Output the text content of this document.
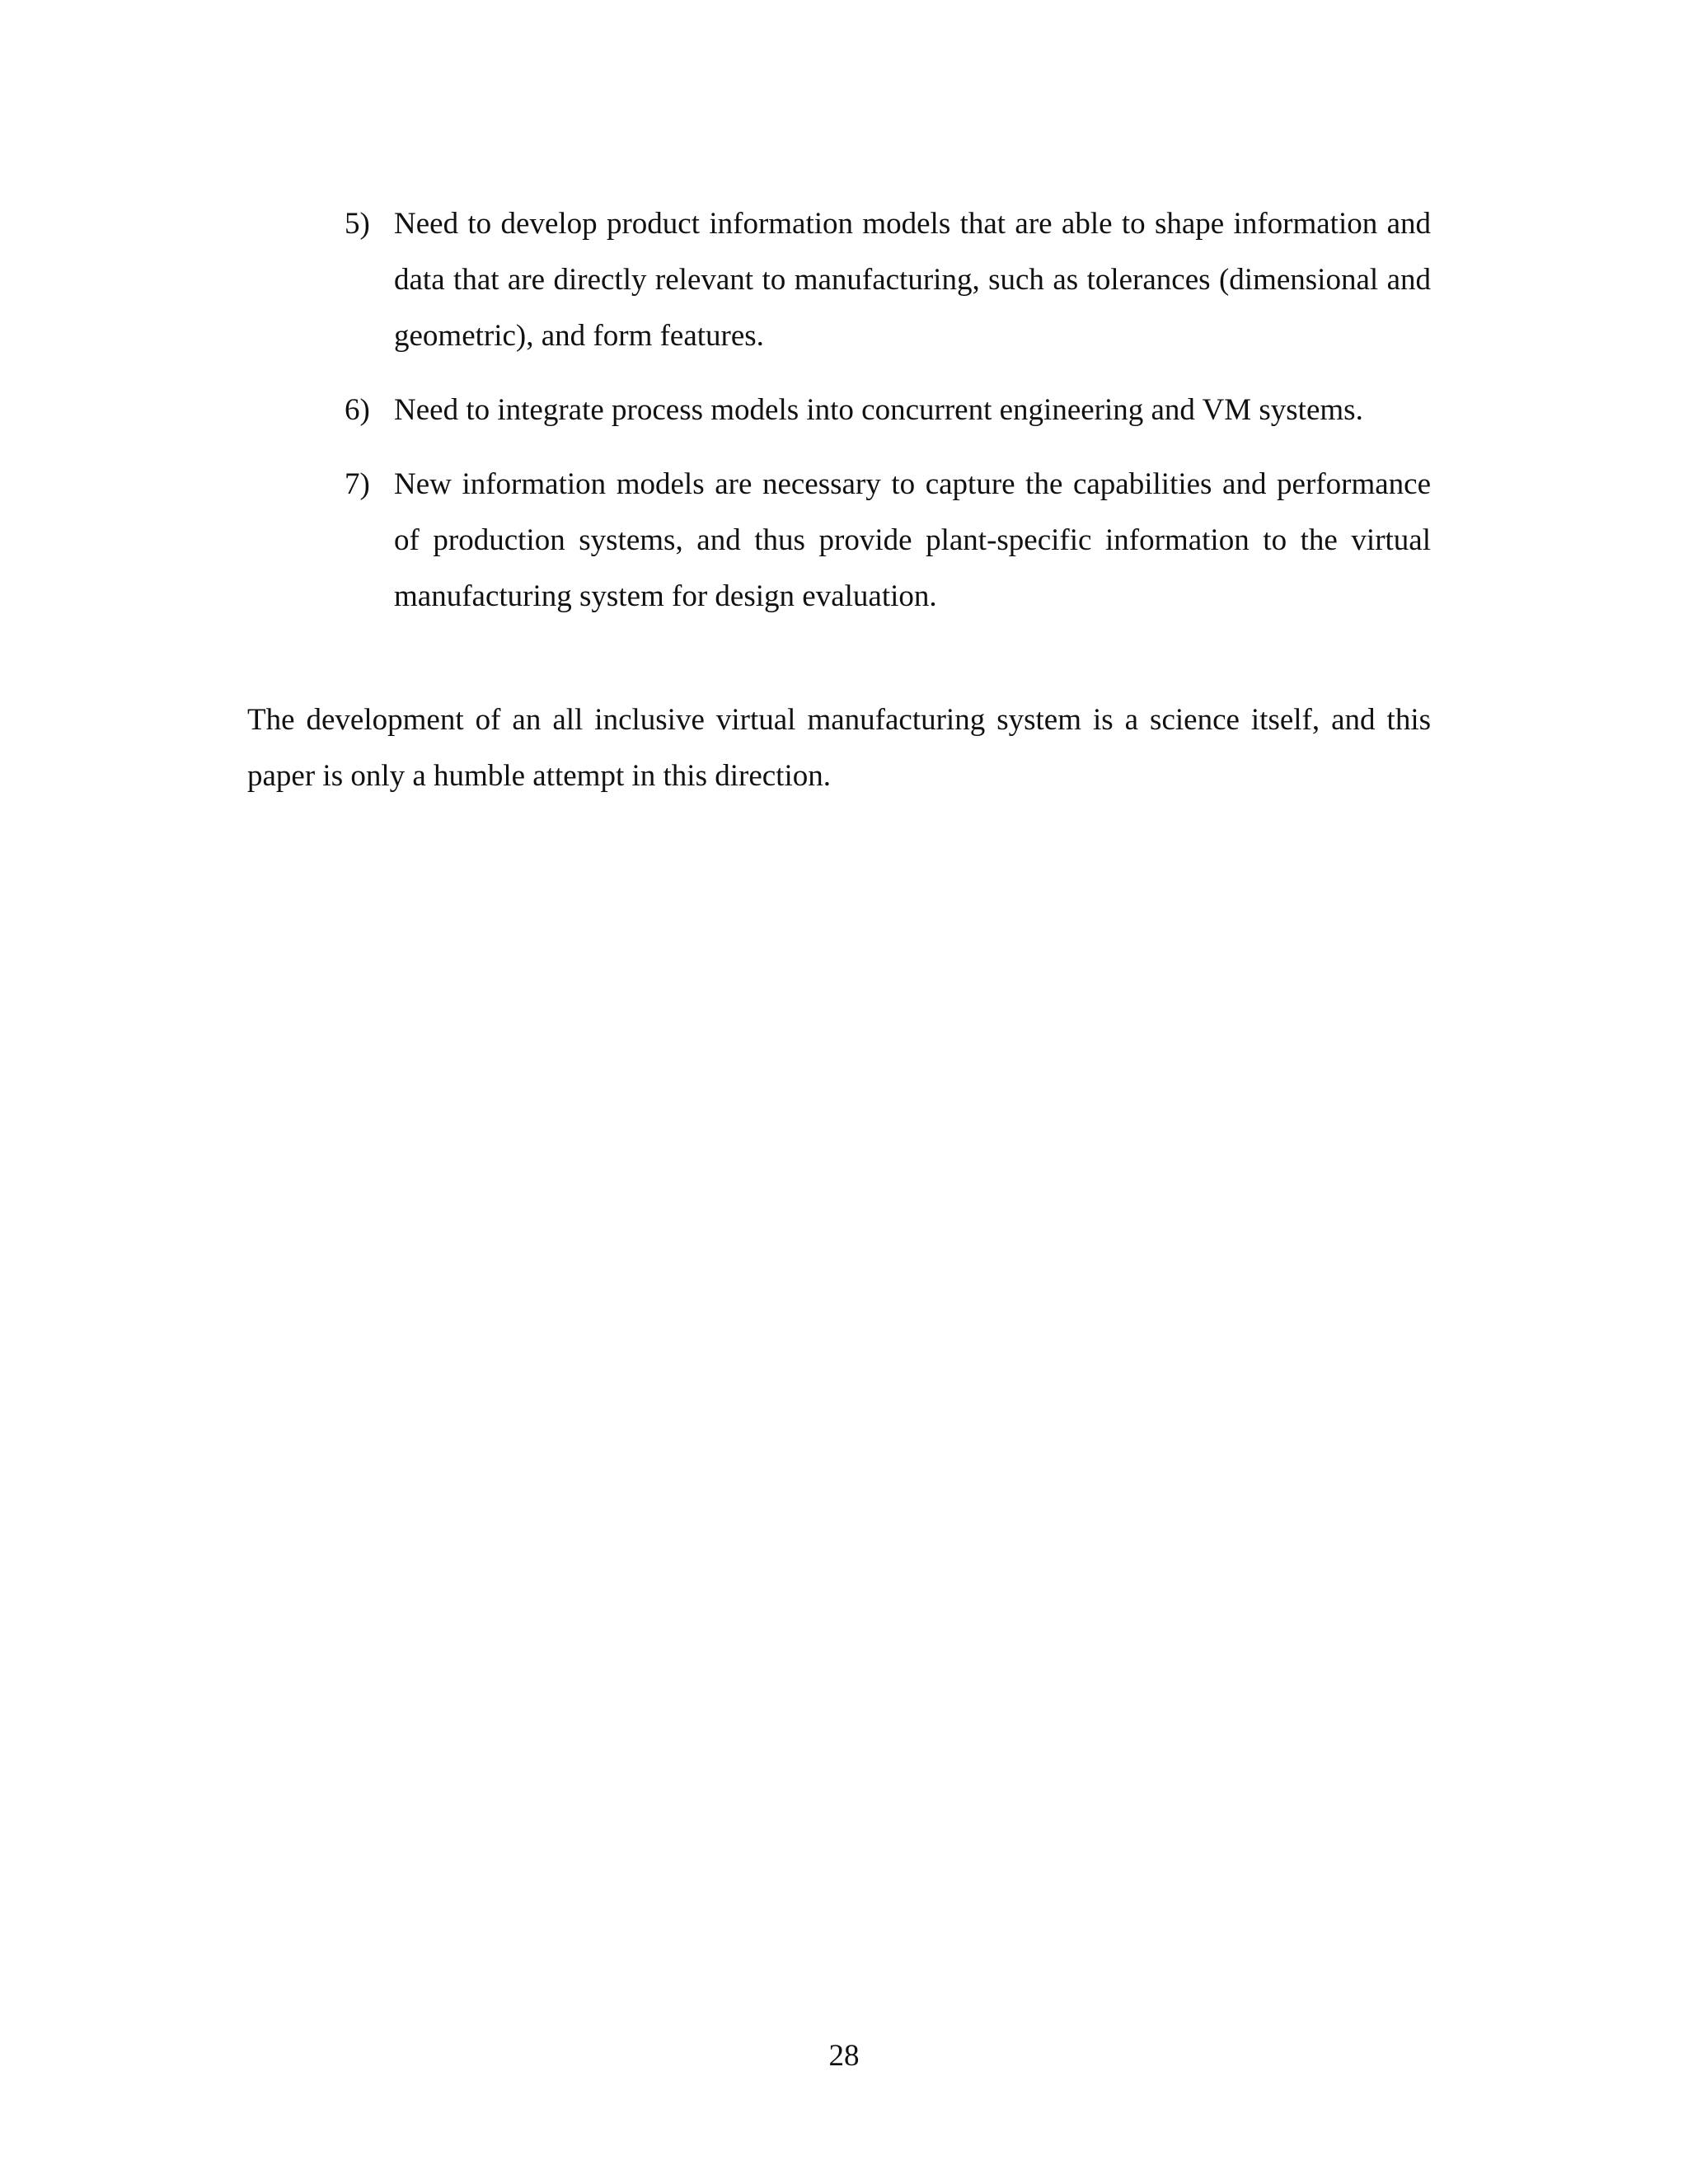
5) Need to develop product information models that are able to shape information and data that are directly relevant to manufacturing, such as tolerances (dimensional and geometric), and form features.
6) Need to integrate process models into concurrent engineering and VM systems.
7) New information models are necessary to capture the capabilities and performance of production systems, and thus provide plant-specific information to the virtual manufacturing system for design evaluation.

The development of an all inclusive virtual manufacturing system is a science itself, and this paper is only a humble attempt in this direction.

28
